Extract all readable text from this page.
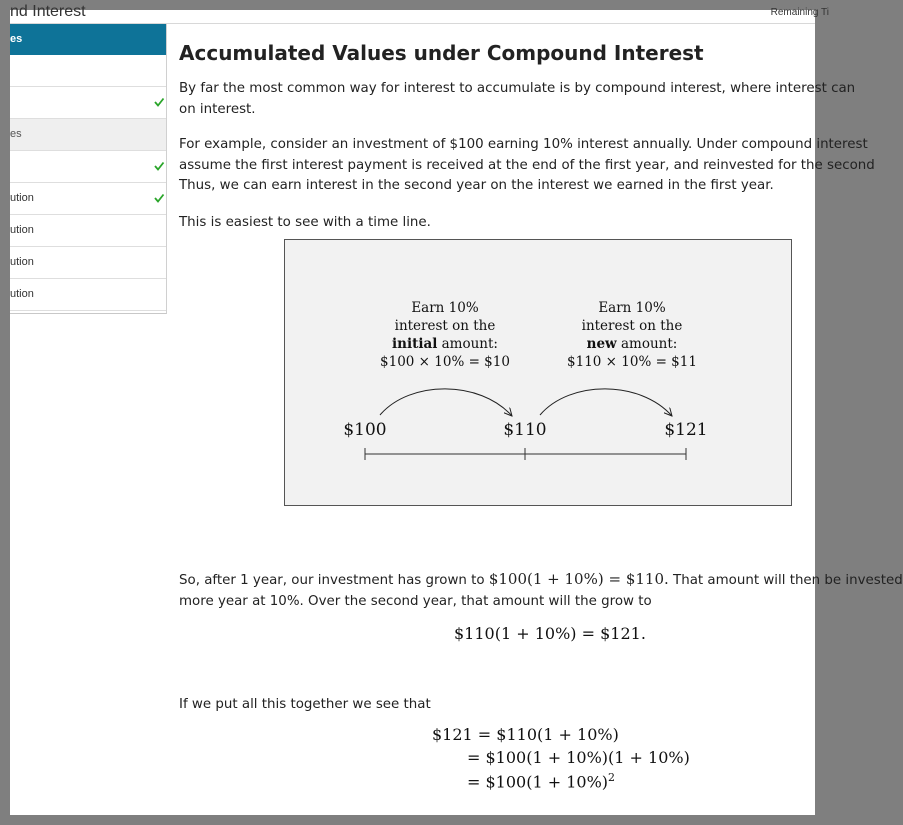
nd Interest	Remaining Ti
es
es
ution
ution
ution
ution
Accumulated Values under Compound Interest

By far the most common way for interest to accumulate is by compound interest, where interest can
on interest.

For example, consider an investment of $100 earning 10% interest annually. Under compound interest
assume the first interest payment is received at the end of the first year, and reinvested for the second
Thus, we can earn interest in the second year on the interest we earned in the first year.

This is easiest to see with a time line.

Earn 10%
interest on the
initial amount:
$100 × 10% = $10
Earn 10%
interest on the
new amount:
$110 × 10% = $11
$100	$110	$121

So, after 1 year, our investment has grown to $100(1 + 10%) = $110. That amount will then be invested
more year at 10%. Over the second year, that amount will the grow to

$110(1 + 10%) = $121.

If we put all this together we see that

$121 = $110(1 + 10%)
= $100(1 + 10%)(1 + 10%)
= $100(1 + 10%)$^2$
